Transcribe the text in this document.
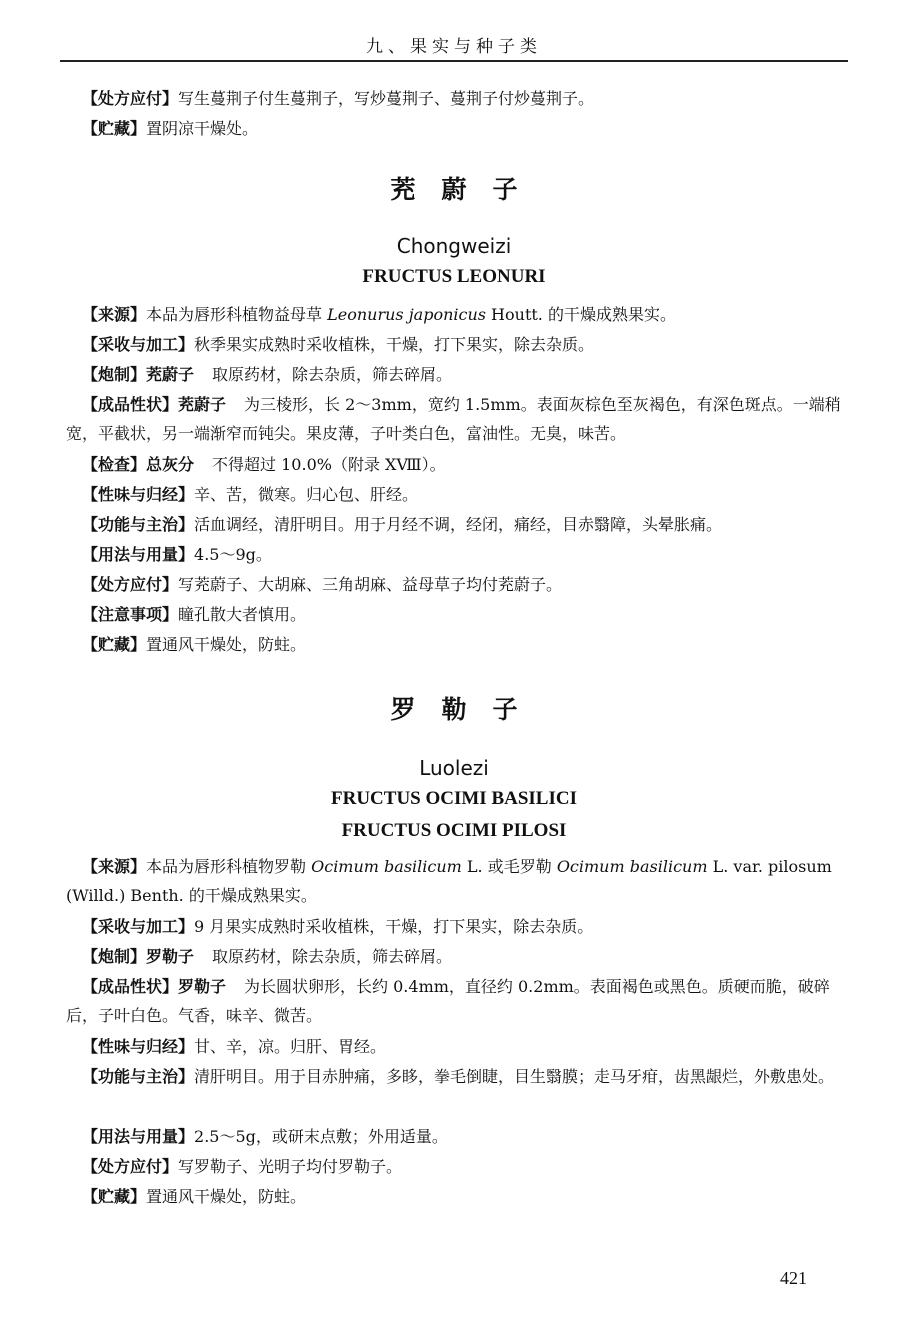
九、果实与种子类
【处方应付】写生蔓荆子付生蔓荆子，写炒蔓荆子、蔓荆子付炒蔓荆子。
【贮藏】置阴凉干燥处。
茺蔚子
Chongweizi
FRUCTUS LEONURI
【来源】本品为唇形科植物益母草 Leonurus japonicus Houtt. 的干燥成熟果实。
【采收与加工】秋季果实成熟时采收植株，干燥，打下果实，除去杂质。
【炮制】茺蔚子 取原药材，除去杂质，筛去碎屑。
【成品性状】茺蔚子 为三棱形，长 2～3mm，宽约 1.5mm。表面灰棕色至灰褐色，有深色斑点。一端稍宽，平截状，另一端渐窄而钝尖。果皮薄，子叶类白色，富油性。无臭，味苦。
【检查】总灰分 不得超过 10.0%（附录 XⅧ）。
【性味与归经】辛、苦，微寒。归心包、肝经。
【功能与主治】活血调经，清肝明目。用于月经不调，经闭，痛经，目赤翳障，头晕胀痛。
【用法与用量】4.5～9g。
【处方应付】写茺蔚子、大胡麻、三角胡麻、益母草子均付茺蔚子。
【注意事项】瞳孔散大者慎用。
【贮藏】置通风干燥处，防蛀。
罗勒子
Luolezi
FRUCTUS OCIMI BASILICI
FRUCTUS OCIMI PILOSI
【来源】本品为唇形科植物罗勒 Ocimum basilicum L. 或毛罗勒 Ocimum basilicum L. var. pilosum (Willd.) Benth. 的干燥成熟果实。
【采收与加工】9 月果实成熟时采收植株，干燥，打下果实，除去杂质。
【炮制】罗勒子 取原药材，除去杂质，筛去碎屑。
【成品性状】罗勒子 为长圆状卵形，长约 0.4mm，直径约 0.2mm。表面褐色或黑色。质硬而脆，破碎后，子叶白色。气香，味辛、微苦。
【性味与归经】甘、辛，凉。归肝、胃经。
【功能与主治】清肝明目。用于目赤肿痛，多眵，拳毛倒睫，目生翳膜；走马牙疳，齿黑龈烂，外敷患处。
【用法与用量】2.5～5g，或研末点敷；外用适量。
【处方应付】写罗勒子、光明子均付罗勒子。
【贮藏】置通风干燥处，防蛀。
421
